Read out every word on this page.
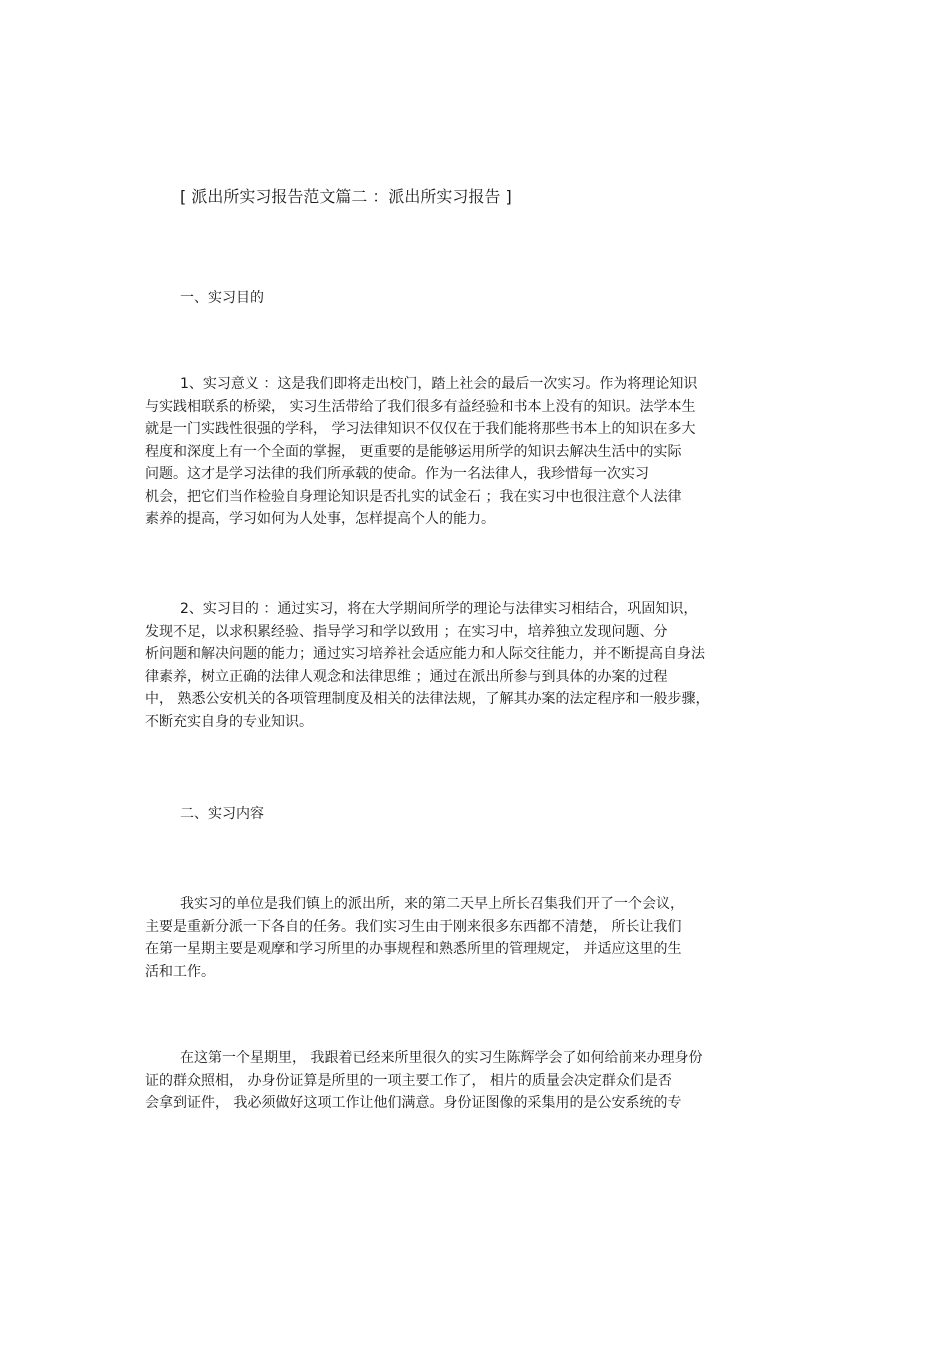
[ 派出所实习报告范文篇二 ：派出所实习报告 ]
一、实习目的
1、实习意义 ：这是我们即将走出校门，踏上社会的最后一次实习。作为将理论知识
与实践相联系的桥梁， 实习生活带给了我们很多有益经验和书本上没有的知识。法学本生
就是一门实践性很强的学科， 学习法律知识不仅仅在于我们能将那些书本上的知识在多大
程度和深度上有一个全面的掌握， 更重要的是能够运用所学的知识去解决生活中的实际
问题。这才是学习法律的我们所承载的使命。作为一名法律人，我珍惜每一次实习
机会，把它们当作检验自身理论知识是否扎实的试金石 ；我在实习中也很注意个人法律
素养的提高，学习如何为人处事，怎样提高个人的能力。
2、实习目的 ：通过实习，将在大学期间所学的理论与法律实习相结合，巩固知识，
发现不足，以求积累经验、指导学习和学以致用 ；在实习中，培养独立发现问题、分
析问题和解决问题的能力；通过实习培养社会适应能力和人际交往能力，并不断提高自身法
律素养，树立正确的法律人观念和法律思维 ；通过在派出所参与到具体的办案的过程
中， 熟悉公安机关的各项管理制度及相关的法律法规，了解其办案的法定程序和一般步骤，
不断充实自身的专业知识。
二、实习内容
我实习的单位是我们镇上的派出所，来的第二天早上所长召集我们开了一个会议，
主要是重新分派一下各自的任务。我们实习生由于刚来很多东西都不清楚， 所长让我们
在第一星期主要是观摩和学习所里的办事规程和熟悉所里的管理规定， 并适应这里的生
活和工作。
在这第一个星期里， 我跟着已经来所里很久的实习生陈辉学会了如何给前来办理身份
证的群众照相， 办身份证算是所里的一项主要工作了， 相片的质量会决定群众们是否
会拿到证件， 我必须做好这项工作让他们满意。身份证图像的采集用的是公安系统的专
